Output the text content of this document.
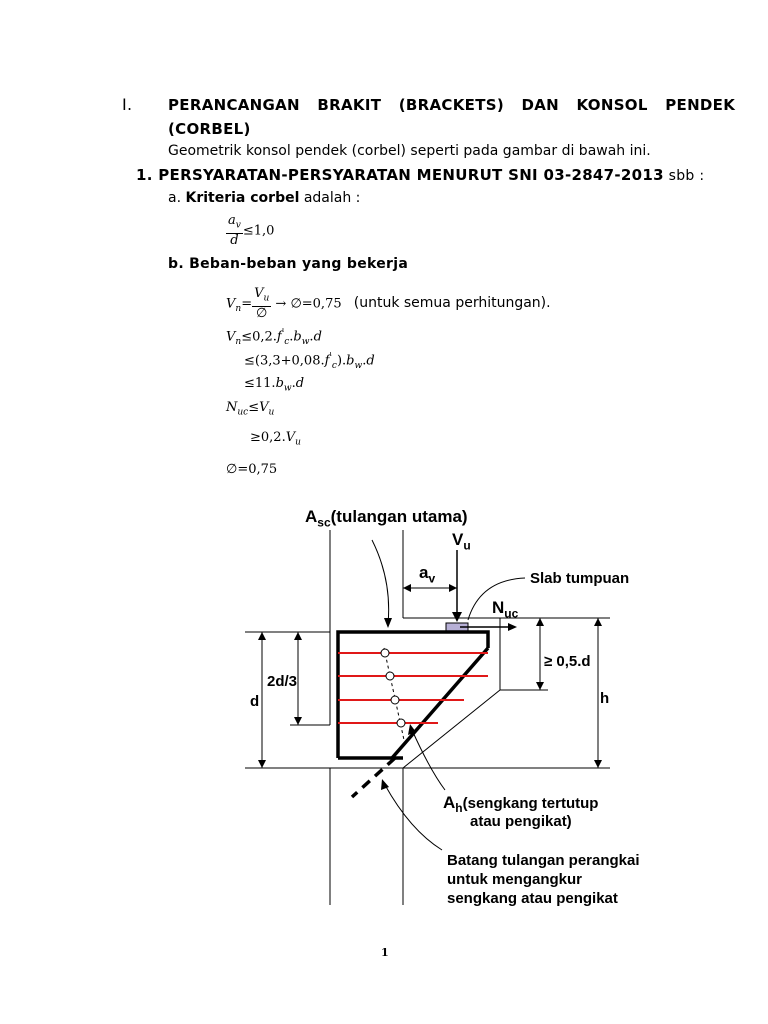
I. PERANCANGAN BRAKIT (BRACKETS) DAN KONSOL PENDEK
(CORBEL)
Geometrik konsol pendek (corbel) seperti pada gambar di bawah ini.
1. PERSYARATAN-PERSYARATAN MENURUT SNI 03-2847-2013 sbb :
a. Kriteria corbel adalah :
$\frac{a_v}{d} \le 1,0$
b. Beban-beban yang bekerja
$V_n= \frac{V_u}{\emptyset}$ → ∅=0,75 (untuk semua perhitungan).
$V_n\le 0,2.f'_c.b_w.d$
$\le(3,3+0,08.f'_c).b_w.d$
$\le 11.b_w.d$
$N_{uc}\le V_u$
$\ge 0,2.V_u$
∅=0,75
$A_{sc}(tulangan$ utama)
$V_u$
$a_v$	Slab tumpuan
$N_{uc}$
≥ 0,5.d
h
d
2d/3
$A_h(sengkang$ tertutup
atau pengikat)
Batang tulangan perangkai
untuk mengangkur
sengkang atau pengikat
1
